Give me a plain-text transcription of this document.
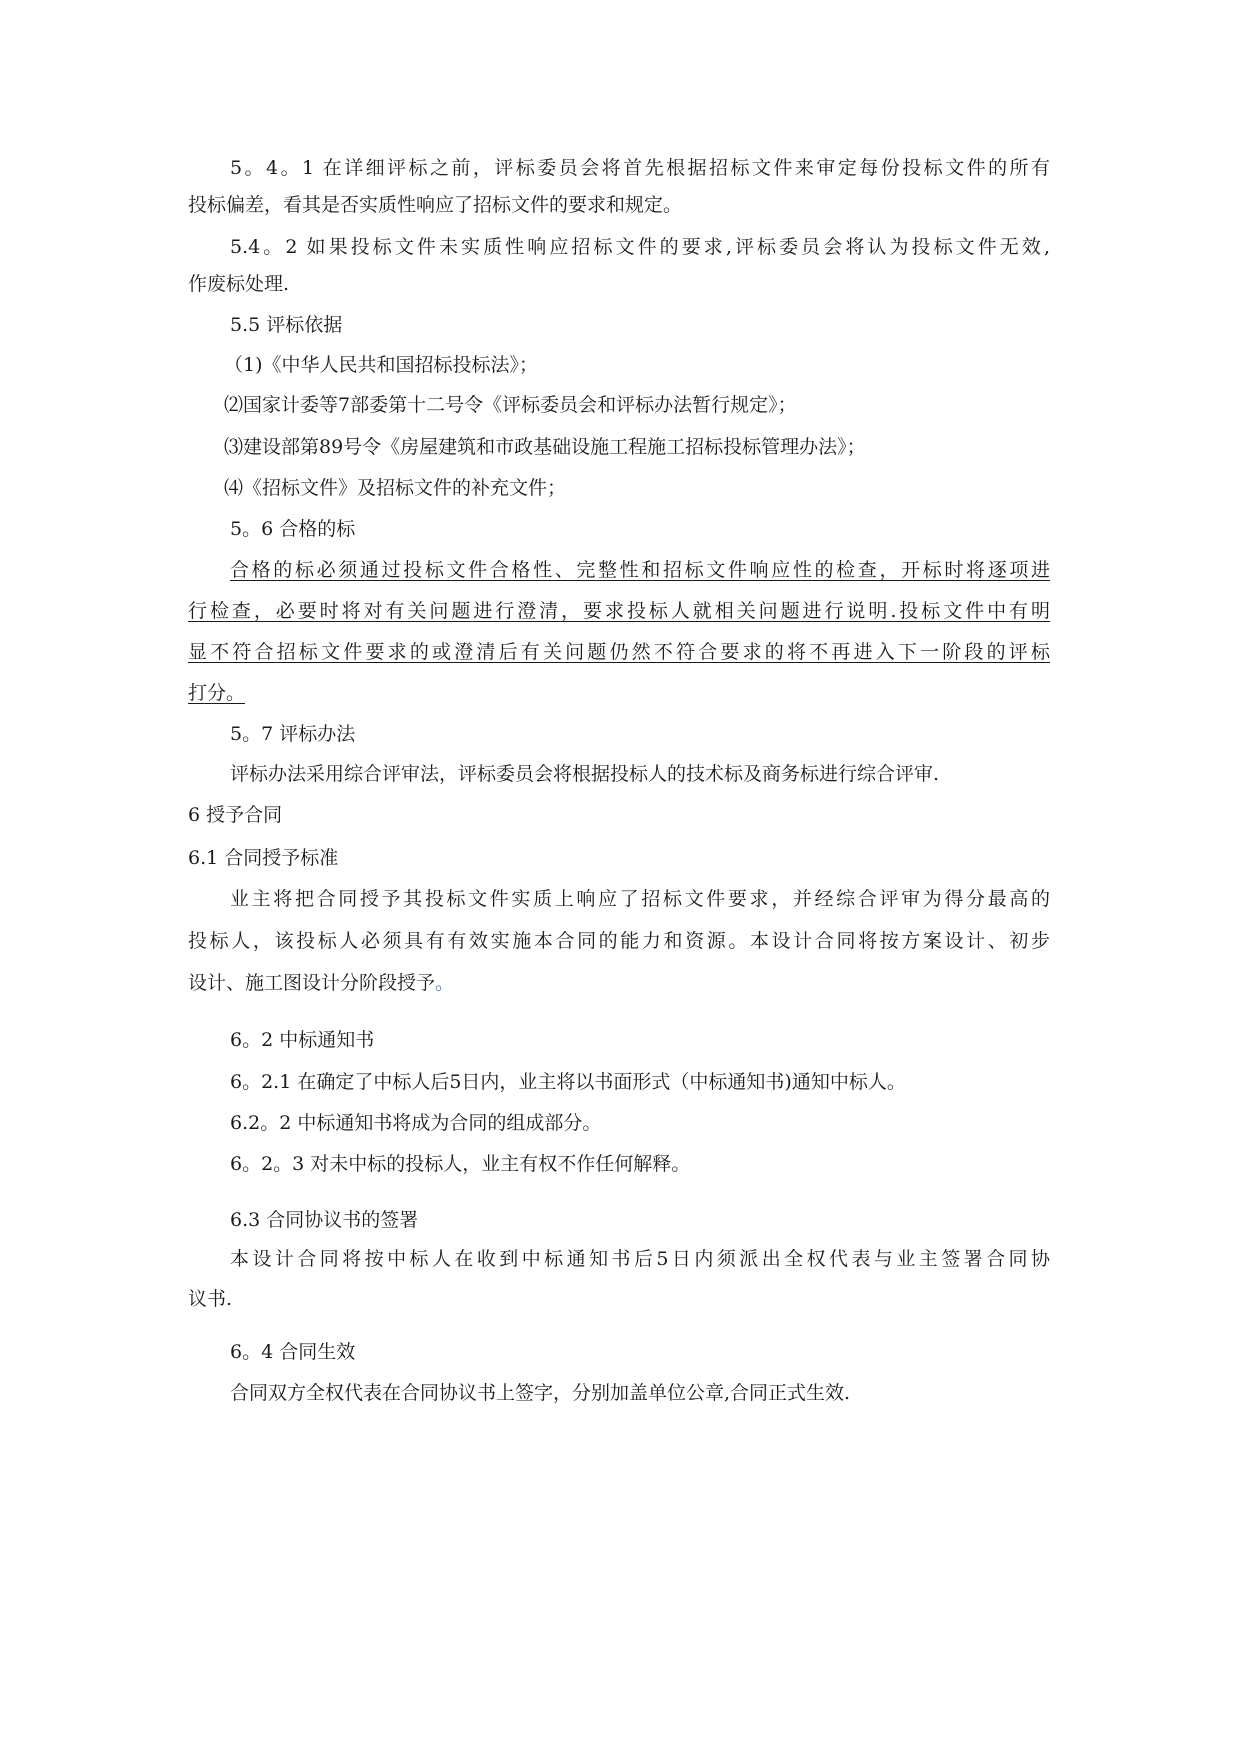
5。4。1 在详细评标之前，评标委员会将首先根据招标文件来审定每份投标文件的所有
投标偏差，看其是否实质性响应了招标文件的要求和规定。
5.4。2 如果投标文件未实质性响应招标文件的要求,评标委员会将认为投标文件无效,
作废标处理.
5.5 评标依据
（1)《中华人民共和国招标投标法》；
⑵国家计委等7部委第十二号令《评标委员会和评标办法暂行规定》；
⑶建设部第89号令《房屋建筑和市政基础设施工程施工招标投标管理办法》；
⑷《招标文件》及招标文件的补充文件；
5。6 合格的标
合格的标必须通过投标文件合格性、完整性和招标文件响应性的检查，开标时将逐项进
行检查，必要时将对有关问题进行澄清，要求投标人就相关问题进行说明.投标文件中有明
显不符合招标文件要求的或澄清后有关问题仍然不符合要求的将不再进入下一阶段的评标
打分。
5。7 评标办法
评标办法采用综合评审法，评标委员会将根据投标人的技术标及商务标进行综合评审.
6 授予合同
6.1 合同授予标准
业主将把合同授予其投标文件实质上响应了招标文件要求，并经综合评审为得分最高的
投标人，该投标人必须具有有效实施本合同的能力和资源。本设计合同将按方案设计、初步
设计、施工图设计分阶段授予。
6。2 中标通知书
6。2.1 在确定了中标人后5日内，业主将以书面形式（中标通知书)通知中标人。
6.2。2 中标通知书将成为合同的组成部分。
6。2。3 对未中标的投标人，业主有权不作任何解释。
6.3 合同协议书的签署
本设计合同将按中标人在收到中标通知书后5日内须派出全权代表与业主签署合同协
议书.
6。4 合同生效
合同双方全权代表在合同协议书上签字，分别加盖单位公章,合同正式生效.
